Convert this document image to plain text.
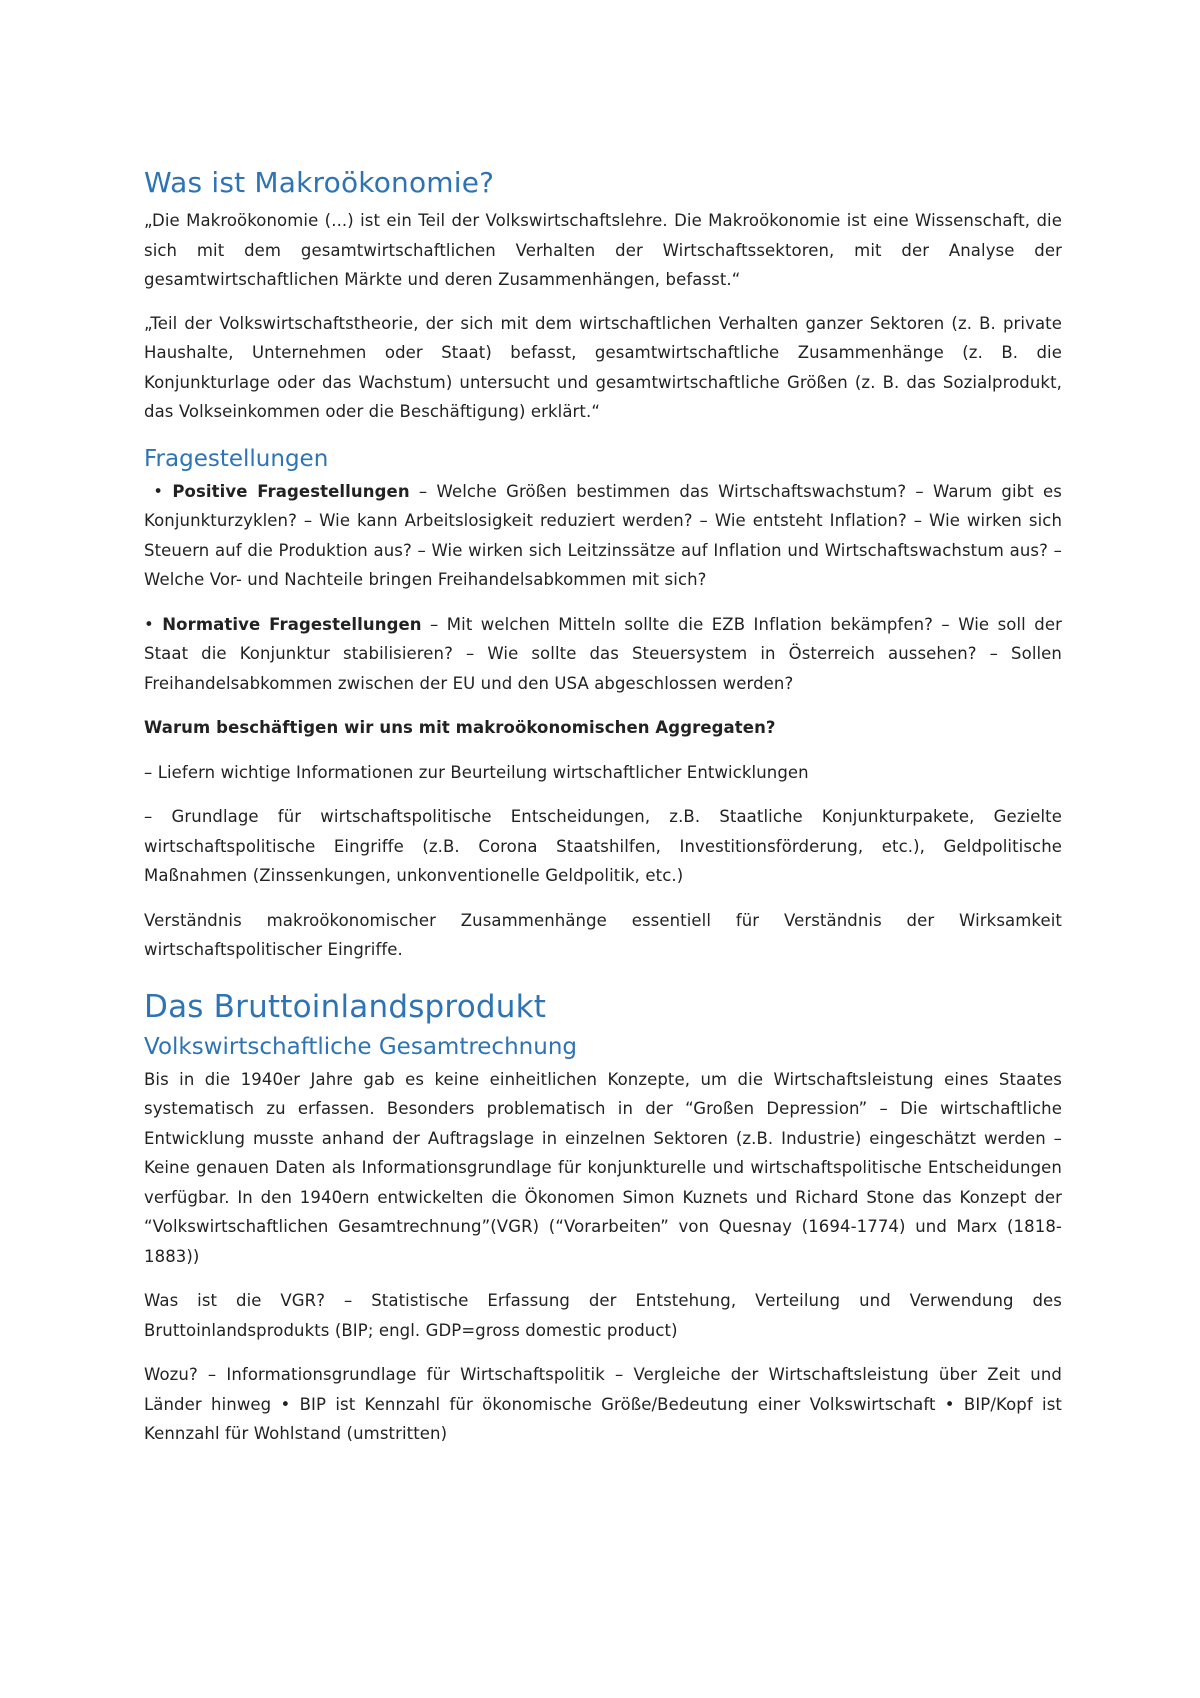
Was ist Makroökonomie?

„Die Makroökonomie (...) ist ein Teil der Volkswirtschaftslehre. Die Makroökonomie ist eine Wissenschaft, die sich mit dem gesamtwirtschaftlichen Verhalten der Wirtschaftssektoren, mit der Analyse der gesamtwirtschaftlichen Märkte und deren Zusammenhängen, befasst.“

„Teil der Volkswirtschaftstheorie, der sich mit dem wirtschaftlichen Verhalten ganzer Sektoren (z. B. private Haushalte, Unternehmen oder Staat) befasst, gesamtwirtschaftliche Zusammenhänge (z. B. die Konjunkturlage oder das Wachstum) untersucht und gesamtwirtschaftliche Größen (z. B. das Sozialprodukt, das Volkseinkommen oder die Beschäftigung) erklärt.“

Fragestellungen

• Positive Fragestellungen – Welche Größen bestimmen das Wirtschaftswachstum? – Warum gibt es Konjunkturzyklen? – Wie kann Arbeitslosigkeit reduziert werden? – Wie entsteht Inflation? – Wie wirken sich Steuern auf die Produktion aus? – Wie wirken sich Leitzinssätze auf Inflation und Wirtschaftswachstum aus? – Welche Vor- und Nachteile bringen Freihandelsabkommen mit sich?

• Normative Fragestellungen – Mit welchen Mitteln sollte die EZB Inflation bekämpfen? – Wie soll der Staat die Konjunktur stabilisieren? – Wie sollte das Steuersystem in Österreich aussehen? – Sollen Freihandelsabkommen zwischen der EU und den USA abgeschlossen werden?

Warum beschäftigen wir uns mit makroökonomischen Aggregaten?

– Liefern wichtige Informationen zur Beurteilung wirtschaftlicher Entwicklungen

– Grundlage für wirtschaftspolitische Entscheidungen, z.B. Staatliche Konjunkturpakete, Gezielte wirtschaftspolitische Eingriffe (z.B. Corona Staatshilfen, Investitionsförderung, etc.), Geldpolitische Maßnahmen (Zinssenkungen, unkonventionelle Geldpolitik, etc.)

Verständnis makroökonomischer Zusammenhänge essentiell für Verständnis der Wirksamkeit wirtschaftspolitischer Eingriffe.

Das Bruttoinlandsprodukt
Volkswirtschaftliche Gesamtrechnung

Bis in die 1940er Jahre gab es keine einheitlichen Konzepte, um die Wirtschaftsleistung eines Staates systematisch zu erfassen. Besonders problematisch in der “Großen Depression” – Die wirtschaftliche Entwicklung musste anhand der Auftragslage in einzelnen Sektoren (z.B. Industrie) eingeschätzt werden – Keine genauen Daten als Informationsgrundlage für konjunkturelle und wirtschaftspolitische Entscheidungen verfügbar. In den 1940ern entwickelten die Ökonomen Simon Kuznets und Richard Stone das Konzept der “Volkswirtschaftlichen Gesamtrechnung”(VGR) (“Vorarbeiten” von Quesnay (1694-1774) und Marx (1818-1883))

Was ist die VGR? – Statistische Erfassung der Entstehung, Verteilung und Verwendung des Bruttoinlandsprodukts (BIP; engl. GDP=gross domestic product)

Wozu? – Informationsgrundlage für Wirtschaftspolitik – Vergleiche der Wirtschaftsleistung über Zeit und Länder hinweg • BIP ist Kennzahl für ökonomische Größe/Bedeutung einer Volkswirtschaft • BIP/Kopf ist Kennzahl für Wohlstand (umstritten)
